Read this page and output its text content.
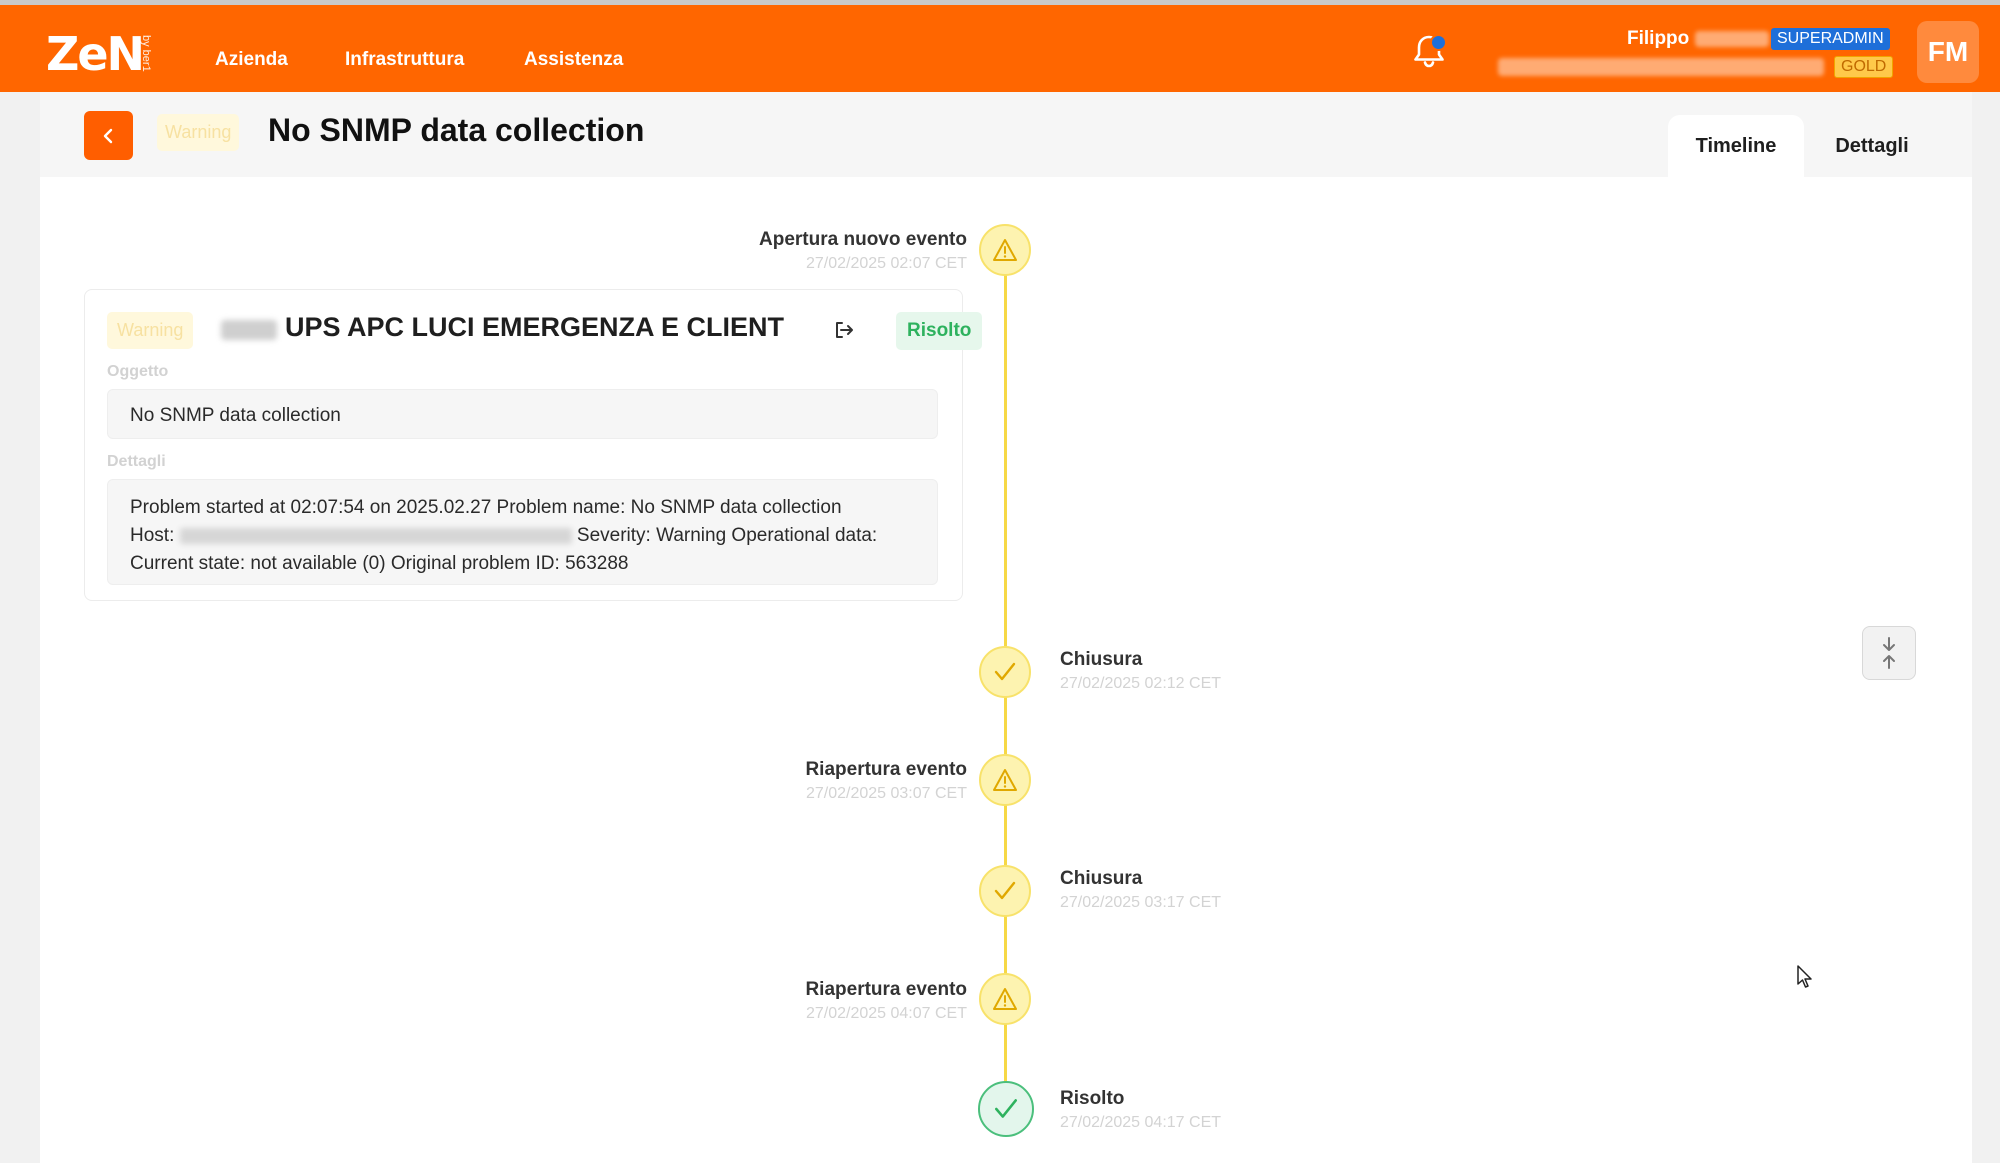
ZeN
by ber1	Azienda	Infrastruttura	Assistenza
Filippo	SUPERADMIN
GOLD	FM
Warning No SNMP data collection	Timeline	Dettagli
Apertura nuovo evento
27/02/2025 02:07 CET
Warning	UPS APC LUCI EMERGENZA E CLIENT	Risolto
Oggetto
No SNMP data collection
Dettagli
Problem started at 02:07:54 on 2025.02.27 Problem name: No SNMP data collection
Host:	Severity: Warning Operational data:
Current state: not available (0) Original problem ID: 563288
Chiusura
27/02/2025 02:12 CET
Riapertura evento
27/02/2025 03:07 CET
Chiusura
27/02/2025 03:17 CET
Riapertura evento
27/02/2025 04:07 CET
Risolto
27/02/2025 04:17 CET
